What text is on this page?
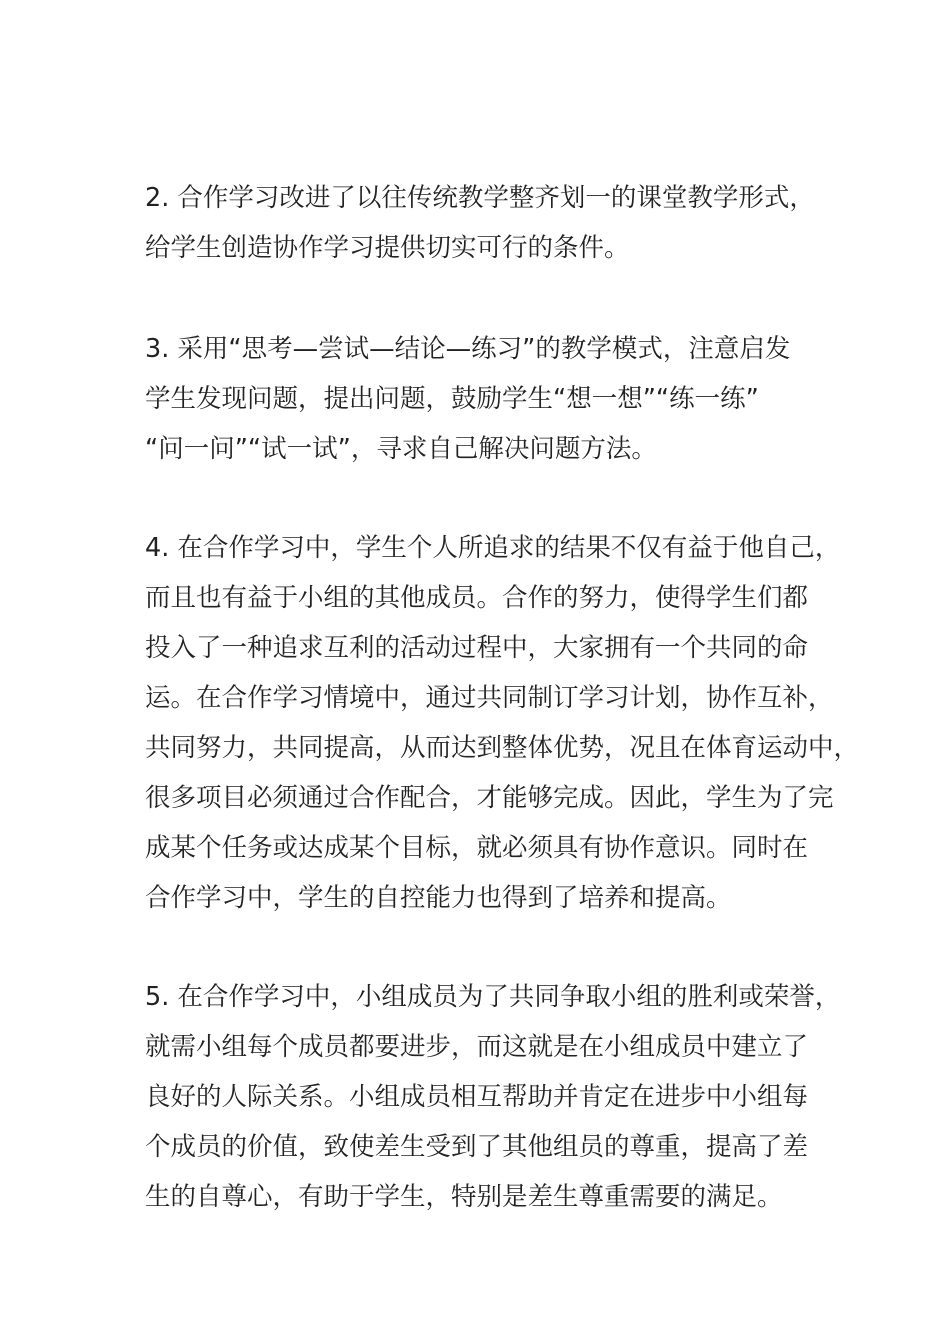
2. 合作学习改进了以往传统教学整齐划一的课堂教学形式，
给学生创造协作学习提供切实可行的条件。

3. 采用“思考—尝试—结论—练习”的教学模式，注意启发
学生发现问题，提出问题，鼓励学生“想一想”“练一练”
“问一问”“试一试”，寻求自己解决问题方法。

4. 在合作学习中，学生个人所追求的结果不仅有益于他自己，
而且也有益于小组的其他成员。合作的努力，使得学生们都
投入了一种追求互利的活动过程中，大家拥有一个共同的命
运。在合作学习情境中，通过共同制订学习计划，协作互补，
共同努力，共同提高，从而达到整体优势，况且在体育运动中，
很多项目必须通过合作配合，才能够完成。因此，学生为了完
成某个任务或达成某个目标，就必须具有协作意识。同时在
合作学习中，学生的自控能力也得到了培养和提高。

5. 在合作学习中，小组成员为了共同争取小组的胜利或荣誉，
就需小组每个成员都要进步，而这就是在小组成员中建立了
良好的人际关系。小组成员相互帮助并肯定在进步中小组每
个成员的价值，致使差生受到了其他组员的尊重，提高了差
生的自尊心，有助于学生，特别是差生尊重需要的满足。
